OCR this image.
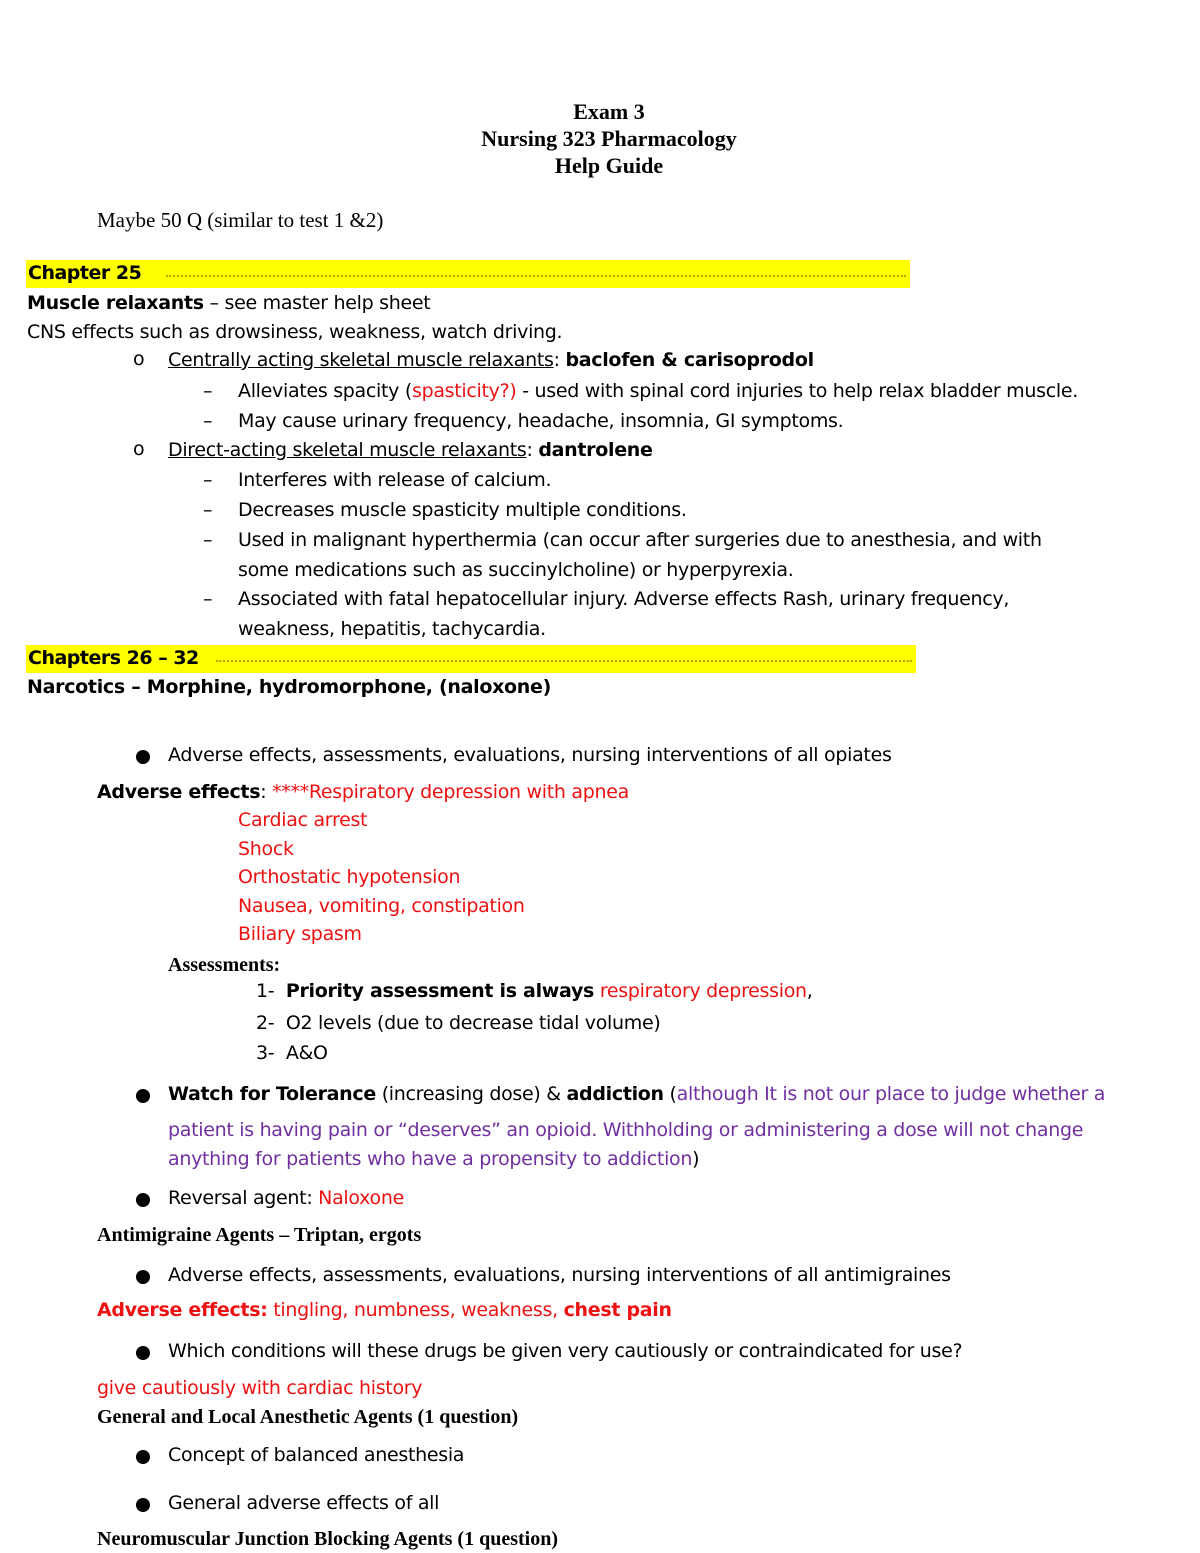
Exam 3
Nursing 323 Pharmacology
Help Guide
Maybe 50 Q (similar to test 1 &2)
Chapter 25
Muscle relaxants – see master help sheet
CNS effects such as drowsiness, weakness, watch driving.
o Centrally acting skeletal muscle relaxants: baclofen & carisoprodol
– Alleviates spacity (spasticity?) - used with spinal cord injuries to help relax bladder muscle.
– May cause urinary frequency, headache, insomnia, GI symptoms.
o Direct-acting skeletal muscle relaxants: dantrolene
– Interferes with release of calcium.
– Decreases muscle spasticity multiple conditions.
– Used in malignant hyperthermia (can occur after surgeries due to anesthesia, and with
some medications such as succinylcholine) or hyperpyrexia.
– Associated with fatal hepatocellular injury. Adverse effects Rash, urinary frequency,
weakness, hepatitis, tachycardia.
Chapters 26 – 32
Narcotics – Morphine, hydromorphone, (naloxone)
Adverse effects, assessments, evaluations, nursing interventions of all opiates
Adverse effects: ****Respiratory depression with apnea
Cardiac arrest
Shock
Orthostatic hypotension
Nausea, vomiting, constipation
Biliary spasm
Assessments:
1-  Priority assessment is always respiratory depression,
2-  O2 levels (due to decrease tidal volume)
3-  A&O
Watch for Tolerance (increasing dose) & addiction (although It is not our place to judge whether a
patient is having pain or “deserves” an opioid. Withholding or administering a dose will not change
anything for patients who have a propensity to addiction)
Reversal agent: Naloxone
Antimigraine Agents – Triptan, ergots
Adverse effects, assessments, evaluations, nursing interventions of all antimigraines
Adverse effects: tingling, numbness, weakness, chest pain
Which conditions will these drugs be given very cautiously or contraindicated for use?
give cautiously with cardiac history
General and Local Anesthetic Agents (1 question)
Concept of balanced anesthesia
General adverse effects of all
Neuromuscular Junction Blocking Agents (1 question)
